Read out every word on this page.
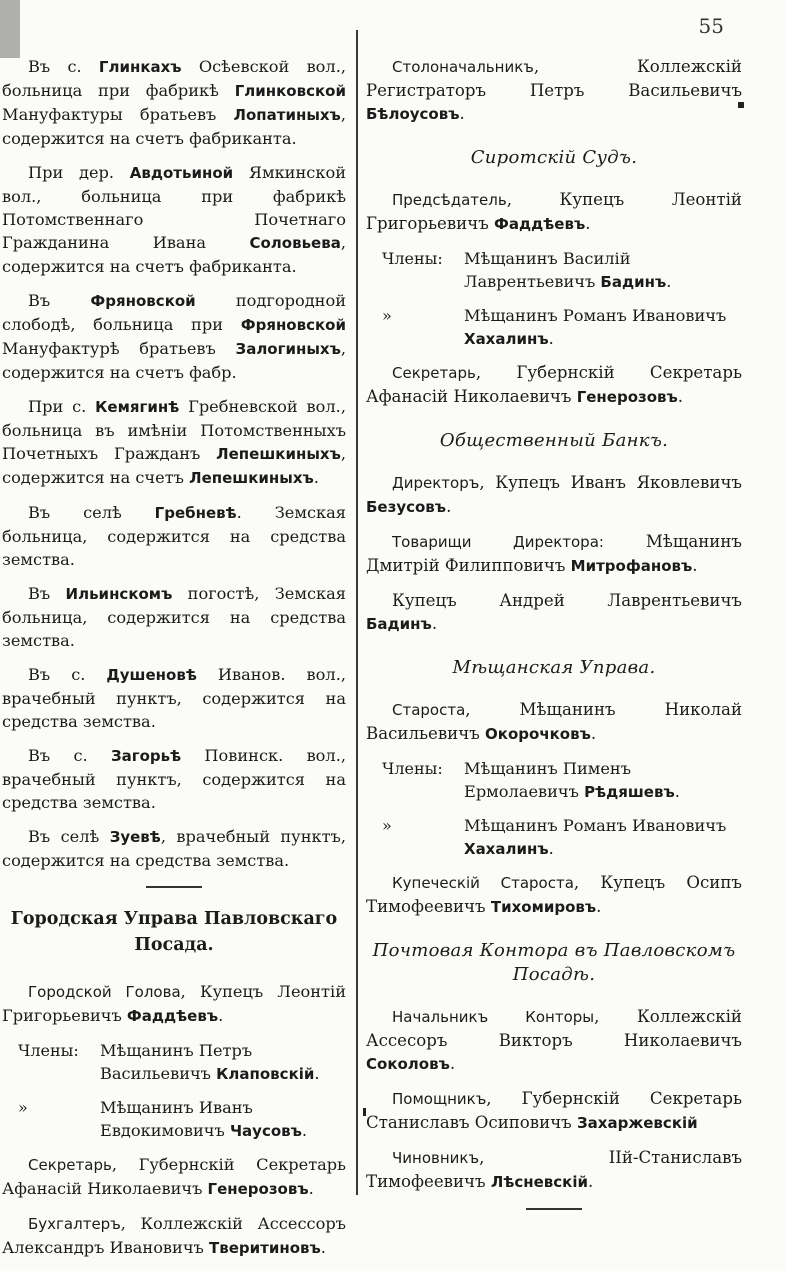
55

Въ с. Глинкахъ Осѣевской вол., больница при фабрикѣ Глинковской Мануфактуры братьевъ Лопатиныхъ, содержится на счетъ фабриканта.

При дер. Авдотьиной Ямкинской вол., больница при фабрикѣ Потомственнаго Почетнаго Гражданина Ивана Соловьева, содержится на счетъ фабриканта.

Въ Фряновской подгородной слободѣ, больница при Фряновской Мануфактурѣ братьевъ Залогиныхъ, содержится на счетъ фабр.

При с. Кемягинѣ Гребневской вол., больница въ имѣніи Потомственныхъ Почетныхъ Гражданъ Лепешкиныхъ, содержится на счетъ Лепешкиныхъ.

Въ селѣ Гребневѣ. Земская больница, содержится на средства земства.

Въ Ильинскомъ погостѣ, Земская больница, содержится на средства земства.

Въ с. Душеновѣ Иванов. вол., врачебный пунктъ, содержится на средства земства.

Въ с. Загорьѣ Повинск. вол., врачебный пунктъ, содержится на средства земства.

Въ селѣ Зуевѣ, врачебный пунктъ, содержится на средства земства.

Городская Управа Павловскаго Посада.

Городской Голова, Купецъ Леонтій Григорьевичъ Фаддѣевъ.

Члены:	Мѣщанинъ Петръ Васильевичъ Клаповскій.
»	Мѣщанинъ Иванъ Евдокимовичъ Чаусовъ.

Секретарь, Губернскій Секретарь Афанасій Николаевичъ Генерозовъ.

Бухгалтеръ, Коллежскій Ассессоръ Александръ Ивановичъ Тверитиновъ.

Столоначальникъ, Коллежскій Регистраторъ Петръ Васильевичъ Бѣлоусовъ.

Сиротскій Судъ.

Предсѣдатель, Купецъ Леонтій Григорьевичъ Фаддѣевъ.

Члены:	Мѣщанинъ Василій Лаврентьевичъ Бадинъ.
»	Мѣщанинъ Романъ Ивановичъ Хахалинъ.

Секретарь, Губернскій Секретарь Афанасій Николаевичъ Генерозовъ.

Общественный Банкъ.

Директоръ, Купецъ Иванъ Яковлевичъ Безусовъ.

Товарищи Директора: Мѣщанинъ Дмитрій Филипповичъ Митрофановъ.

Купецъ Андрей Лаврентьевичъ Бадинъ.

Мѣщанская Управа.

Староста, Мѣщанинъ Николай Васильевичъ Окорочковъ.

Члены:	Мѣщанинъ Пименъ Ермолаевичъ Рѣдяшевъ.
»	Мѣщанинъ Романъ Ивановичъ Хахалинъ.

Купеческій Староста, Купецъ Осипъ Тимофеевичъ Тихомировъ.

Почтовая Контора въ Павловскомъ Посадѣ.

Начальникъ Конторы, Коллежскій Ассесоръ Викторъ Николаевичъ Соколовъ.

Помощникъ, Губернскій Секретарь Станиславъ Осиповичъ Захаржевскій

Чиновникъ, ІІй-Станиславъ Тимофеевичъ Лѣсневскій.
